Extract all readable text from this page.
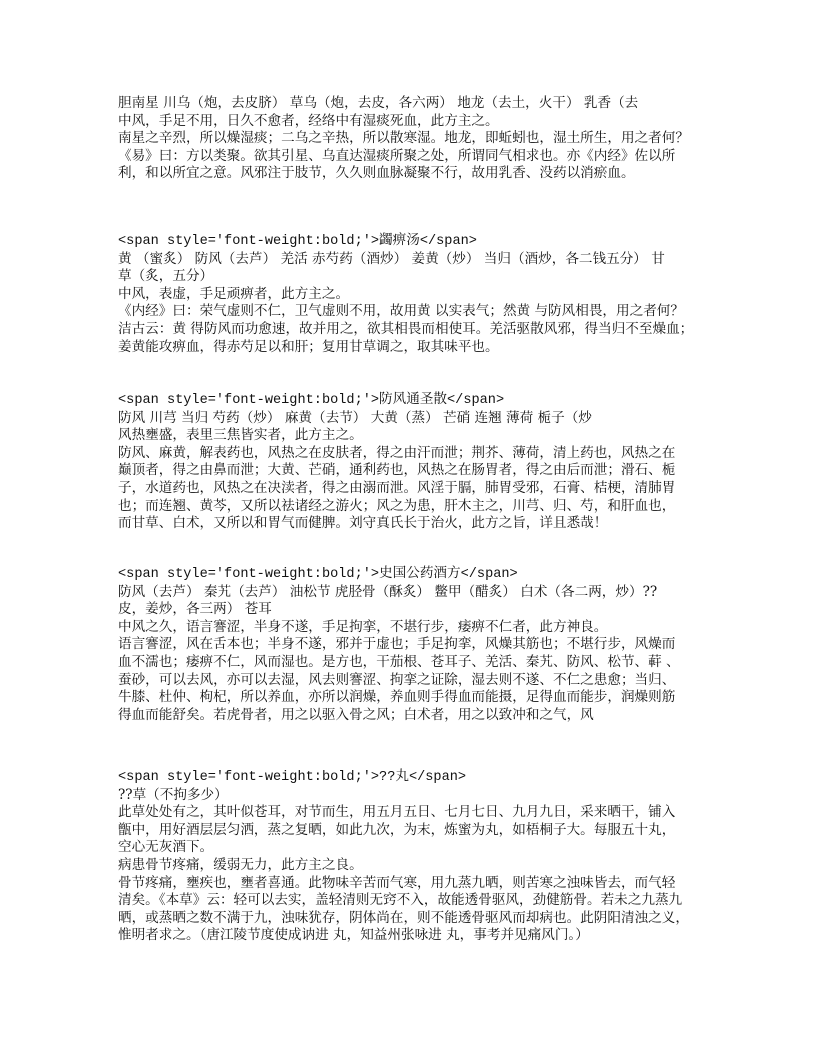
胆南星 川乌（炮，去皮脐） 草乌（炮，去皮，各六两） 地龙（去土，火干） 乳香（去
中风，手足不用，日久不愈者，经络中有湿痰死血，此方主之。
南星之辛烈，所以燥湿痰；二乌之辛热，所以散寒湿。地龙，即蚯蚓也，湿土所生，用之者何？
《易》曰：方以类聚。欲其引星、乌直达湿痰所聚之处，所谓同气相求也。亦《内经》佐以所
利，和以所宜之意。风邪注于肢节，久久则血脉凝聚不行，故用乳香、没药以消瘀血。
<span style='font-weight:bold;'>蠲痹汤</span>
黄 （蜜炙） 防风（去芦） 羌活 赤芍药（酒炒） 姜黄（炒） 当归（酒炒，各二钱五分） 甘
草（炙，五分）
中风，表虚，手足顽痹者，此方主之。
《内经》曰：荣气虚则不仁，卫气虚则不用，故用黄 以实表气；然黄 与防风相畏，用之者何？
洁古云：黄 得防风而功愈速，故并用之，欲其相畏而相使耳。羌活驱散风邪，得当归不至燥血；
姜黄能攻痹血，得赤芍足以和肝；复用甘草调之，取其味平也。
<span style='font-weight:bold;'>防风通圣散</span>
防风 川芎 当归 芍药（炒） 麻黄（去节） 大黄（蒸） 芒硝 连翘 薄荷 栀子（炒
风热壅盛，表里三焦皆实者，此方主之。
防风、麻黄，解表药也，风热之在皮肤者，得之由汗而泄；荆芥、薄荷，清上药也，风热之在
巅顶者，得之由鼻而泄；大黄、芒硝，通利药也，风热之在肠胃者，得之由后而泄；滑石、栀
子，水道药也，风热之在决渎者，得之由溺而泄。风淫于膈，肺胃受邪，石膏、桔梗，清肺胃
也；而连翘、黄芩，又所以祛诸经之游火；风之为患，肝木主之，川芎、归、芍，和肝血也，
而甘草、白术，又所以和胃气而健脾。刘守真氏长于治火，此方之旨，详且悉哉！
<span style='font-weight:bold;'>史国公药酒方</span>
防风（去芦） 秦艽（去芦） 油松节 虎胫骨（酥炙） 鳖甲（醋炙） 白术（各二两，炒）??
皮，姜炒，各三两） 苍耳
中风之久，语言謇涩，半身不遂，手足拘挛，不堪行步，痿痹不仁者，此方神良。
语言謇涩，风在舌本也；半身不遂，邪并于虚也；手足拘挛，风燥其筋也；不堪行步，风燥而
血不濡也；痿痹不仁，风而湿也。是方也，干茄根、苍耳子、羌活、秦艽、防风、松节、蓒 、
蚕砂，可以去风，亦可以去湿，风去则謇涩、拘挛之证除，湿去则不遂、不仁之患愈；当归、
牛膝、杜仲、枸杞，所以养血，亦所以润燥，养血则手得血而能摄，足得血而能步，润燥则筋
得血而能舒矣。若虎骨者，用之以驱入骨之风；白术者，用之以致冲和之气，风
<span style='font-weight:bold;'>??丸</span>
??草（不拘多少）
此草处处有之，其叶似苍耳，对节而生，用五月五日、七月七日、九月九日，采来晒干，铺入
甑中，用好酒层层匀洒，蒸之复晒，如此九次，为末，炼蜜为丸，如梧桐子大。每服五十丸，
空心无灰酒下。
病患骨节疼痛，缓弱无力，此方主之良。
骨节疼痛，壅疾也，壅者喜通。此物味辛苦而气寒，用九蒸九晒，则苦寒之浊味皆去，而气轻
清矣。《本草》云：轻可以去实，盖轻清则无窍不入，故能透骨驱风，劲健筋骨。若未之九蒸九
晒，或蒸晒之数不满于九，浊味犹存，阴体尚在，则不能透骨驱风而却病也。此阴阳清浊之义，
惟明者求之。（唐江陵节度使成讷进 丸，知益州张咏进 丸，事考并见痛风门。）
